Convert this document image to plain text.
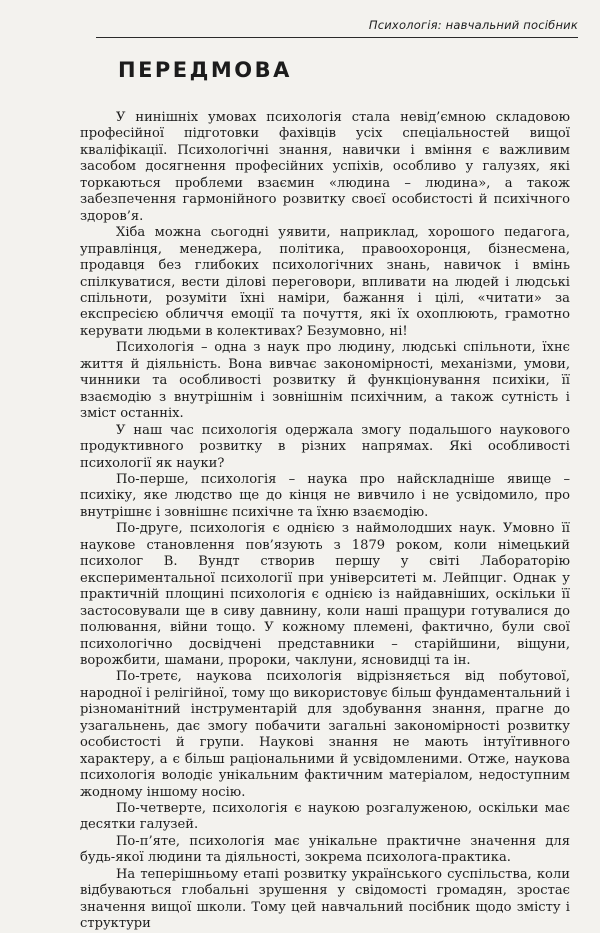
Психологія: навчальний посібник
ПЕРЕДМОВА

У нинішніх умовах психологія стала невід’ємною складовою професійної підготовки фахівців усіх спеціальностей вищої кваліфікації. Психологічні знання, навички і вміння є важливим засобом досягнення професійних успіхів, особливо у галузях, які торкаються проблеми взаємин «людина – людина», а також забезпечення гармонійного розвитку своєї особистості й психічного здоров’я.

Хіба можна сьогодні уявити, наприклад, хорошого педагога, управлінця, менеджера, політика, правоохоронця, бізнесмена, продавця без глибоких психологічних знань, навичок і вмінь спілкуватися, вести ділові переговори, впливати на людей і людські спільноти, розуміти їхні наміри, бажання і цілі, «читати» за експресією обличчя емоції та почуття, які їх охоплюють, грамотно керувати людьми в колективах? Безумовно, ні!

Психологія – одна з наук про людину, людські спільноти, їхнє життя й діяльність. Вона вивчає закономірності, механізми, умови, чинники та особливості розвитку й функціонування психіки, її взаємодію з внутрішнім і зовнішнім психічним, а також сутність і зміст останніх.

У наш час психологія одержала змогу подальшого наукового продуктивного розвитку в різних напрямах. Які особливості психології як науки?

По-перше, психологія – наука про найскладніше явище – психіку, яке людство ще до кінця не вивчило і не усвідомило, про внутрішнє і зовнішнє психічне та їхню взаємодію.

По-друге, психологія є однією з наймолодших наук. Умовно її наукове становлення пов’язують з 1879 роком, коли німецький психолог В. Вундт створив першу у світі Лабораторію експериментальної психології при університеті м. Лейпциг. Однак у практичній площині психологія є однією із найдавніших, оскільки її застосовували ще в сиву давнину, коли наші пращури готувалися до полювання, війни тощо. У кожному племені, фактично, були свої психологічно досвідчені представники – старійшини, віщуни, ворожбити, шамани, пророки, чаклуни, ясновидці та ін.

По-третє, наукова психологія відрізняється від побутової, народної і релігійної, тому що використовує більш фундаментальний і різноманітний інструментарій для здобування знання, прагне до узагальнень, дає змогу побачити загальні закономірності розвитку особистості й групи. Наукові знання не мають інтуїтивного характеру, а є більш раціональними й усвідомленими. Отже, наукова психологія володіє унікальним фактичним матеріалом, недоступним жодному іншому носію.

По-четверте, психологія є наукою розгалуженою, оскільки має десятки галузей.

По-п’яте, психологія має унікальне практичне значення для будь-якої людини та діяльності, зокрема психолога-практика.

На теперішньому етапі розвитку українського суспільства, коли відбуваються глобальні зрушення у свідомості громадян, зростає значення вищої школи. Тому цей навчальний посібник щодо змісту і структури
